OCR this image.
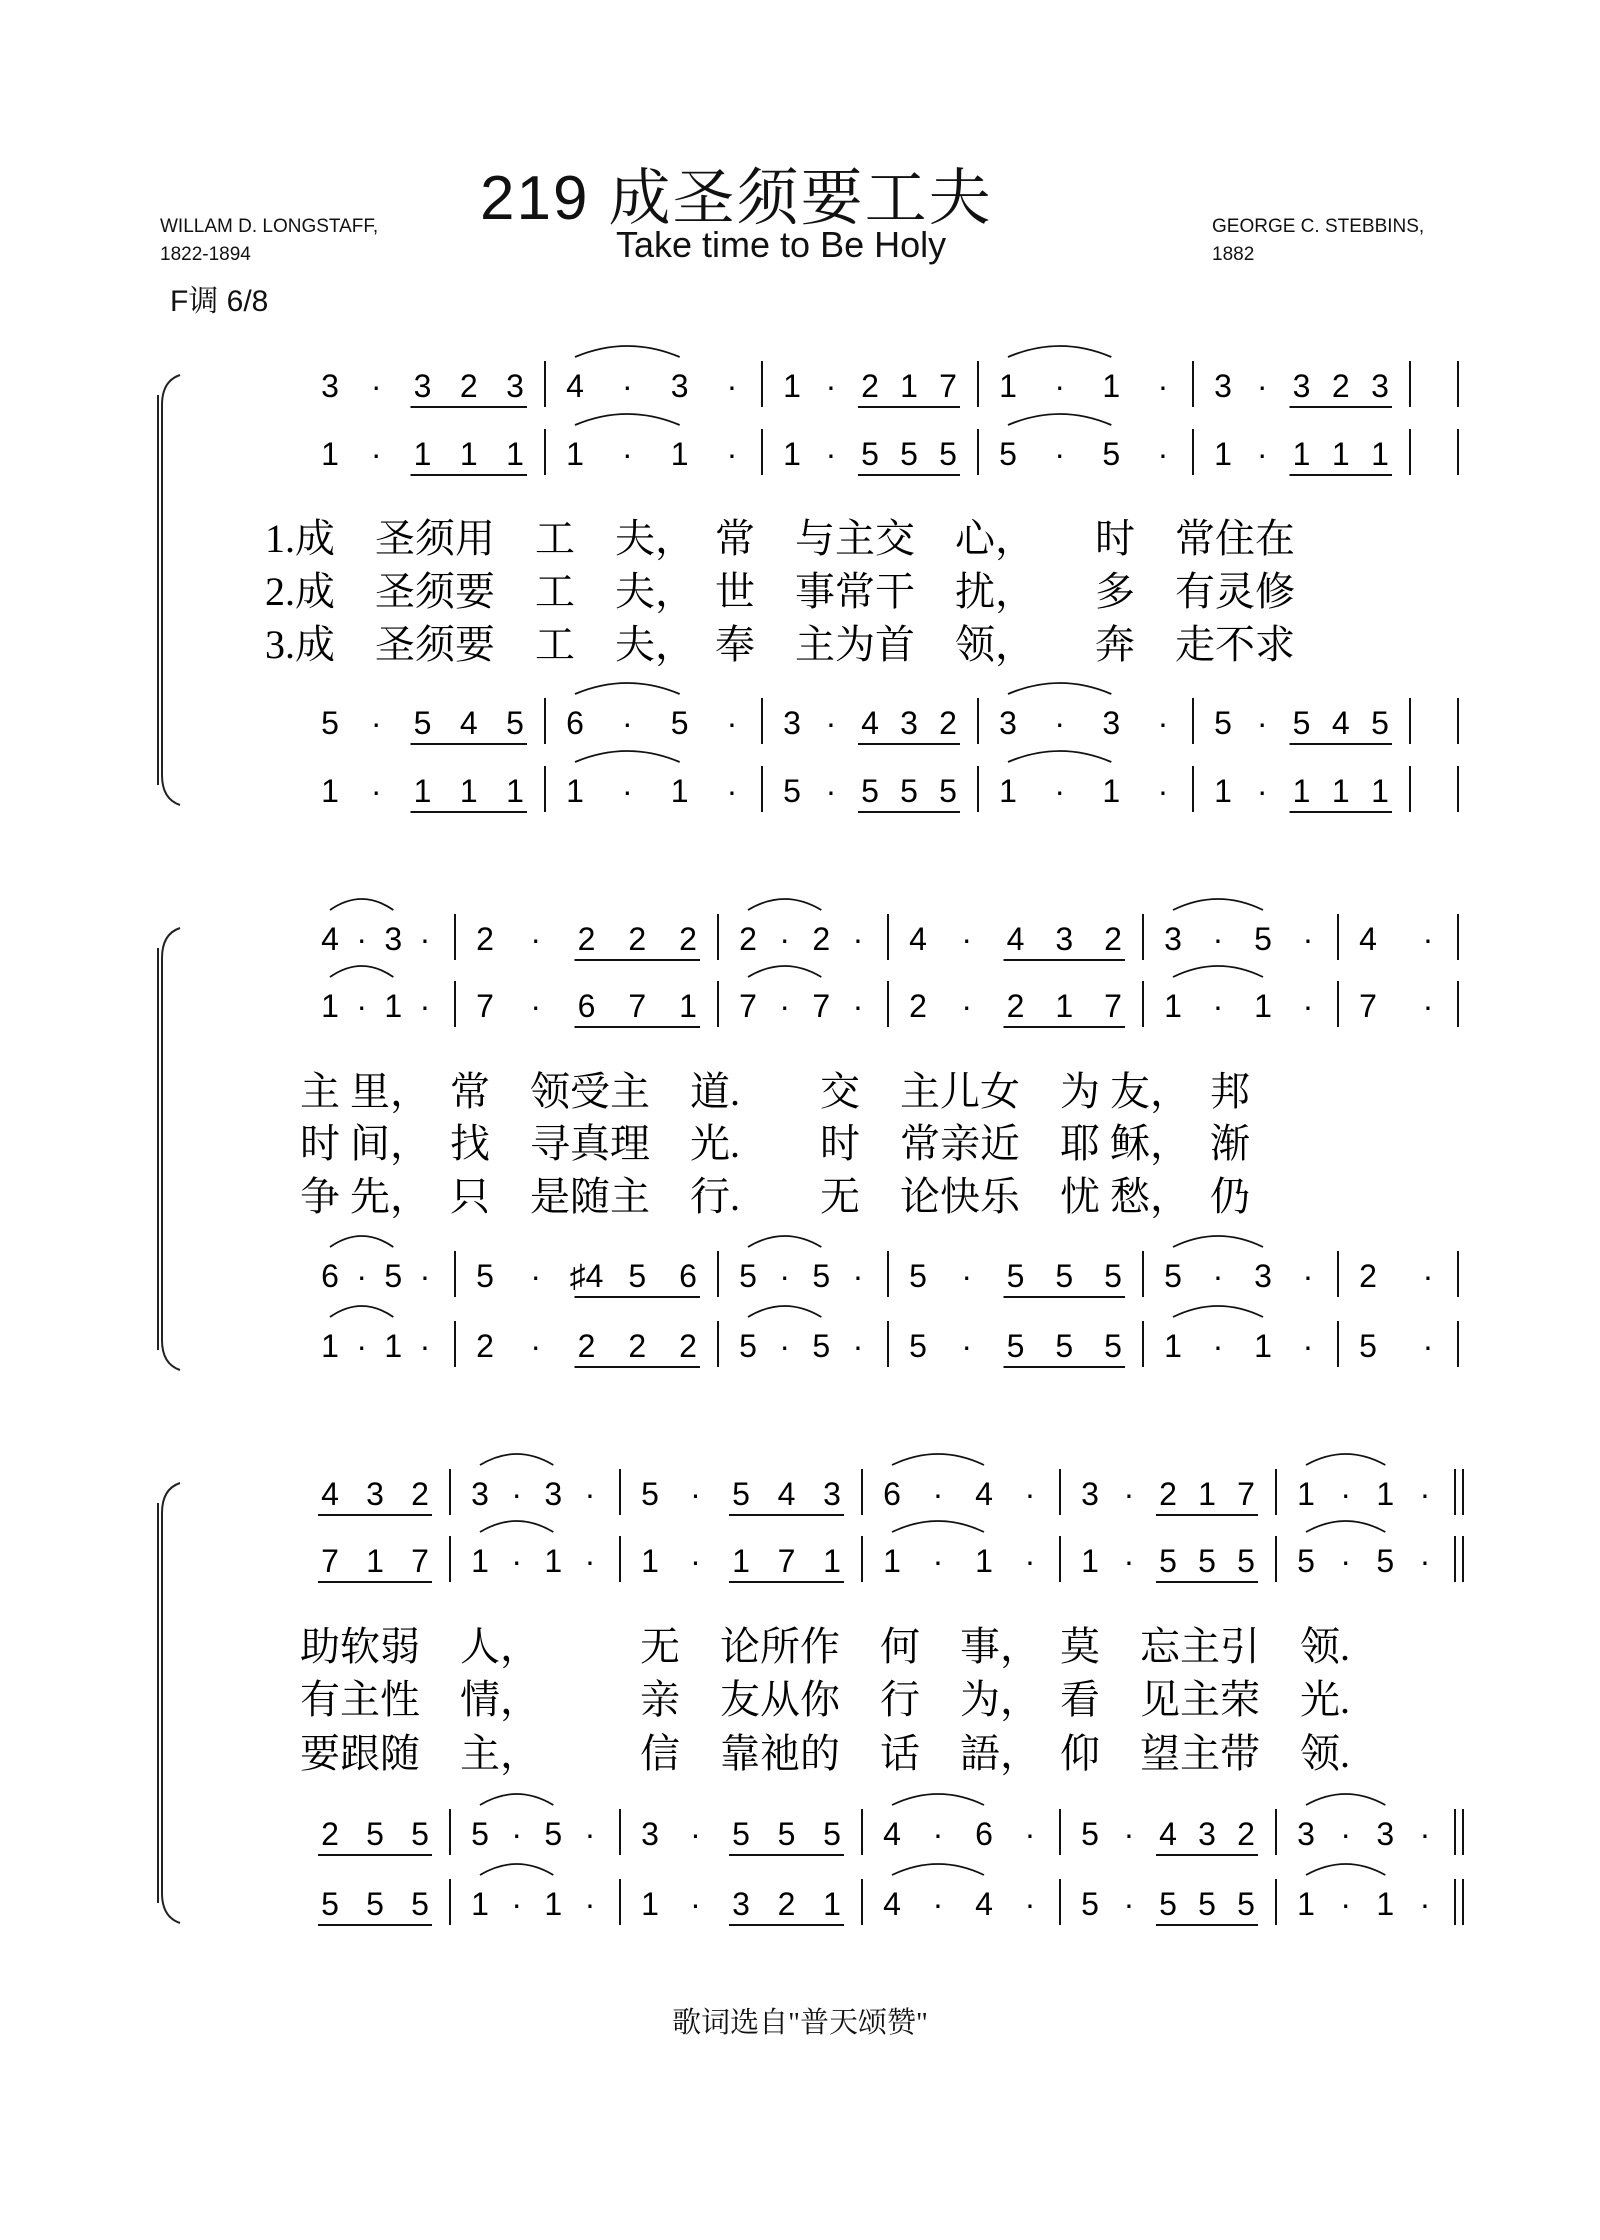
219 成圣须要工夫
Take time to Be Holy
WILLAM D. LONGSTAFF,
1822-1894
GEORGE C. STEBBINS,
1882
F调 6/8
3 · 3 2 3 4 · 3 · 1 · 2 1 7 1 · 1 · 3 · 3 2 3
1 · 1 1 1 1 · 1 · 1 · 5 5 5 5 · 5 · 1 · 1 1 1
5 · 5 4 5 6 · 5 · 3 · 4 3 2 3 · 3 · 5 · 5 4 5
1 · 1 1 1 1 · 1 · 5 · 5 5 5 1 · 1 · 1 · 1 1 1
1.成　圣须用　工　夫，　常　与主交　心，　　时　常住在
2.成　圣须要　工　夫，　世　事常干　扰，　　多　有灵修
3.成　圣须要　工　夫，　奉　主为首　领，　　奔　走不求
4 · 3 · 2 · 2 2 2 2 · 2 · 4 · 4 3 2 3 · 5 · 4 ·
1 · 1 · 7 · 6 7 1 7 · 7 · 2 · 2 1 7 1 · 1 · 7 ·
6 · 5 · 5 · ♯4 5 6 5 · 5 · 5 · 5 5 5 5 · 3 · 2 ·
1 · 1 · 2 · 2 2 2 5 · 5 · 5 · 5 5 5 1 · 1 · 5 ·
主 里，　常　领受主　道.　　交　主儿女　为 友，　邦
时 间，　找　寻真理　光.　　时　常亲近　耶 稣，　渐
争 先，　只　是随主　行.　　无　论快乐　忧 愁，　仍
4 3 2 3 · 3 · 5 · 5 4 3 6 · 4 · 3 · 2 1 7 1 · 1 ·
7 1 7 1 · 1 · 1 · 1 7 1 1 · 1 · 1 · 5 5 5 5 · 5 ·
2 5 5 5 · 5 · 3 · 5 5 5 4 · 6 · 5 · 4 3 2 3 · 3 ·
5 5 5 1 · 1 · 1 · 3 2 1 4 · 4 · 5 · 5 5 5 1 · 1 ·
助软弱　人，　　　无　论所作　何　事，　莫　忘主引　领.
有主性　情，　　　亲　友从你　行　为，　看　见主荣　光.
要跟随　主，　　　信　靠祂的　话　語，　仰　望主带　领.
歌词选自"普天颂赞"
